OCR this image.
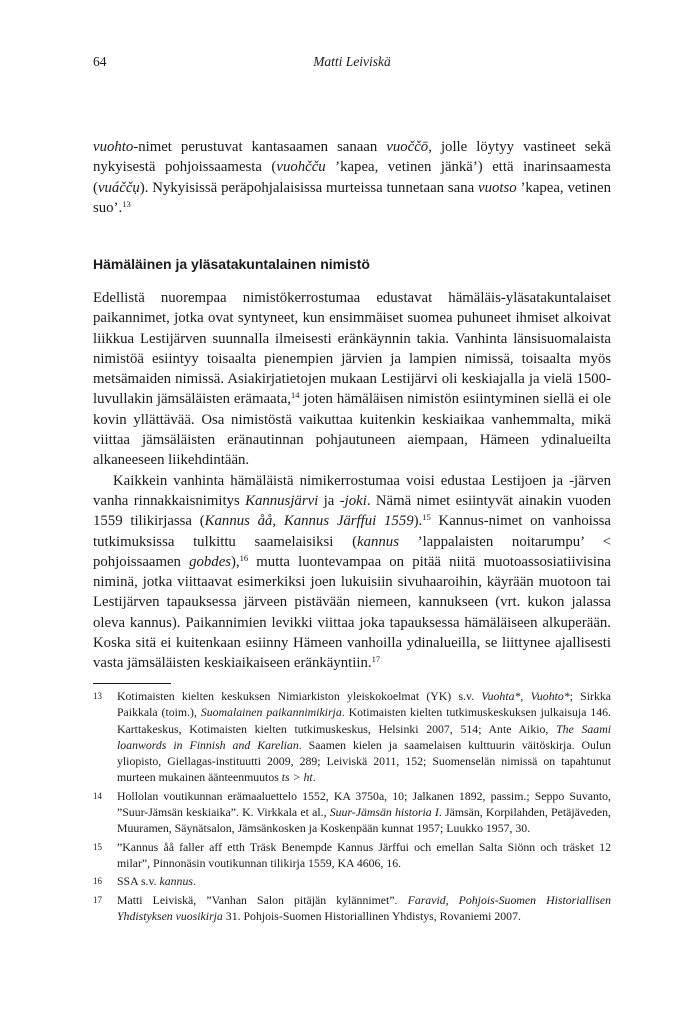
64	Matti Leiviskä

vuohto-nimet perustuvat kantasaamen sanaan vuoččō, jolle löytyy vastineet sekä nykyisestä pohjoissaamesta (vuohčču ’kapea, vetinen jänkä’) että inarinsaamesta (vuáččụ). Nykyisissä peräpohjalaisissa murteissa tunnetaan sana vuotso ’kapea, vetinen suo’.$^{13}$

Hämäläinen ja yläsatakuntalainen nimistö

Edellistä nuorempaa nimistökerrostumaa edustavat hämäläis-yläsatakuntalaiset paikannimet, jotka ovat syntyneet, kun ensimmäiset suomea puhuneet ihmiset alkoivat liikkua Lestijärven suunnalla ilmeisesti eränkäynnin takia. Vanhinta länsisuomalaista nimistöä esiintyy toisaalta pienempien järvien ja lampien nimissä, toisaalta myös metsämaiden nimissä. Asiakirjatietojen mukaan Lestijärvi oli keskiajalla ja vielä 1500-luvullakin jämsäläisten erämaata,$^{14}$ joten hämäläisen nimistön esiintyminen siellä ei ole kovin yllättävää. Osa nimistöstä vaikuttaa kuitenkin keskiaikaa vanhemmalta, mikä viittaa jämsäläisten eränautinnan pohjautuneen aiempaan, Hämeen ydinalueilta alkaneeseen liikehdintään.

Kaikkein vanhinta hämäläistä nimikerrostumaa voisi edustaa Lestijoen ja -järven vanha rinnakkaisnimitys Kannusjärvi ja -joki. Nämä nimet esiintyvät ainakin vuoden 1559 tilikirjassa (Kannus åå, Kannus Järffui 1559).$^{15}$ Kannus-nimet on vanhoissa tutkimuksissa tulkittu saamelaisiksi (kannus ’lappalaisten noitarumpu’ < pohjoissaamen gobdes),$^{16}$ mutta luontevampaa on pitää niitä muotoassosiatiivisina niminä, jotka viittaavat esimerkiksi joen lukuisiin sivuhaaroihin, käyrään muotoon tai Lestijärven tapauksessa järveen pistävään niemeen, kannukseen (vrt. kukon jalassa oleva kannus). Paikannimien levikki viittaa joka tapauksessa hämäläiseen alkuperään. Koska sitä ei kuitenkaan esiinny Hämeen vanhoilla ydinalueilla, se liittynee ajallisesti vasta jämsäläisten keskiaikaiseen eränkäyntiin.$^{17}$

13	Kotimaisten kielten keskuksen Nimiarkiston yleiskokoelmat (YK) s.v. Vuohta*, Vuohto*; Sirkka Paikkala (toim.), Suomalainen paikannimikirja. Kotimaisten kielten tutkimuskeskuksen julkaisuja 146. Karttakeskus, Kotimaisten kielten tutkimuskeskus, Helsinki 2007, 514; Ante Aikio, The Saami loanwords in Finnish and Karelian. Saamen kielen ja saamelaisen kulttuurin väitöskirja. Oulun yliopisto, Giellagas-instituutti 2009, 289; Leiviskä 2011, 152; Suomenselän nimissä on tapahtunut murteen mukainen äänteenmuutos ts > ht.
14	Hollolan voutikunnan erämaaluettelo 1552, KA 3750a, 10; Jalkanen 1892, passim.; Seppo Suvanto, ”Suur-Jämsän keskiaika”. K. Virkkala et al., Suur-Jämsän historia I. Jämsän, Korpilahden, Petäjäveden, Muuramen, Säynätsalon, Jämsänkosken ja Koskenpään kunnat 1957; Luukko 1957, 30.
15	”Kannus åå faller aff etth Träsk Benempde Kannus Järffui och emellan Salta Siönn och träsket 12 milar”, Pinnonäsin voutikunnan tilikirja 1559, KA 4606, 16.
16	SSA s.v. kannus.
17	Matti Leiviskä, ”Vanhan Salon pitäjän kylännimet”. Faravid, Pohjois-Suomen Historiallisen Yhdistyksen vuosikirja 31. Pohjois-Suomen Historiallinen Yhdistys, Rovaniemi 2007.
